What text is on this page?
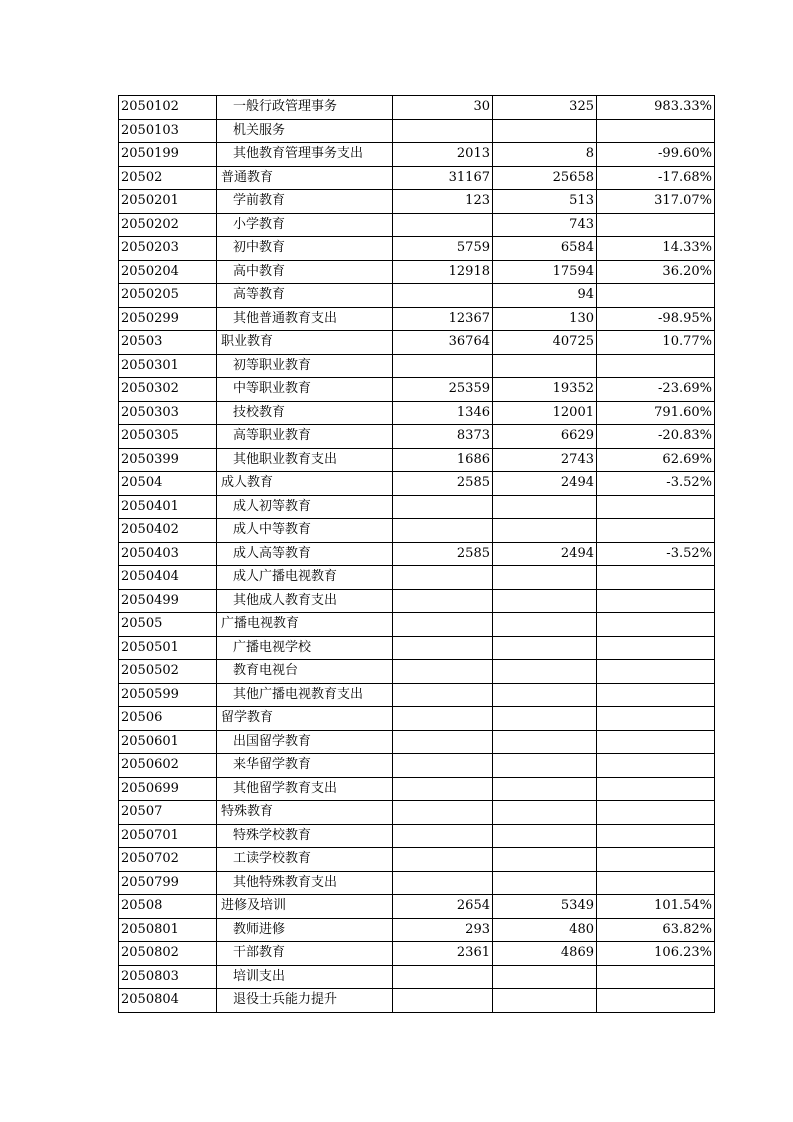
2050102	一般行政管理事务	30	325	983.33%
2050103	机关服务			
2050199	其他教育管理事务支出	2013	8	-99.60%
20502	普通教育	31167	25658	-17.68%
2050201	学前教育	123	513	317.07%
2050202	小学教育		743	
2050203	初中教育	5759	6584	14.33%
2050204	高中教育	12918	17594	36.20%
2050205	高等教育		94	
2050299	其他普通教育支出	12367	130	-98.95%
20503	职业教育	36764	40725	10.77%
2050301	初等职业教育			
2050302	中等职业教育	25359	19352	-23.69%
2050303	技校教育	1346	12001	791.60%
2050305	高等职业教育	8373	6629	-20.83%
2050399	其他职业教育支出	1686	2743	62.69%
20504	成人教育	2585	2494	-3.52%
2050401	成人初等教育			
2050402	成人中等教育			
2050403	成人高等教育	2585	2494	-3.52%
2050404	成人广播电视教育			
2050499	其他成人教育支出			
20505	广播电视教育			
2050501	广播电视学校			
2050502	教育电视台			
2050599	其他广播电视教育支出			
20506	留学教育			
2050601	出国留学教育			
2050602	来华留学教育			
2050699	其他留学教育支出			
20507	特殊教育			
2050701	特殊学校教育			
2050702	工读学校教育			
2050799	其他特殊教育支出			
20508	进修及培训	2654	5349	101.54%
2050801	教师进修	293	480	63.82%
2050802	干部教育	2361	4869	106.23%
2050803	培训支出			
2050804	退役士兵能力提升			
